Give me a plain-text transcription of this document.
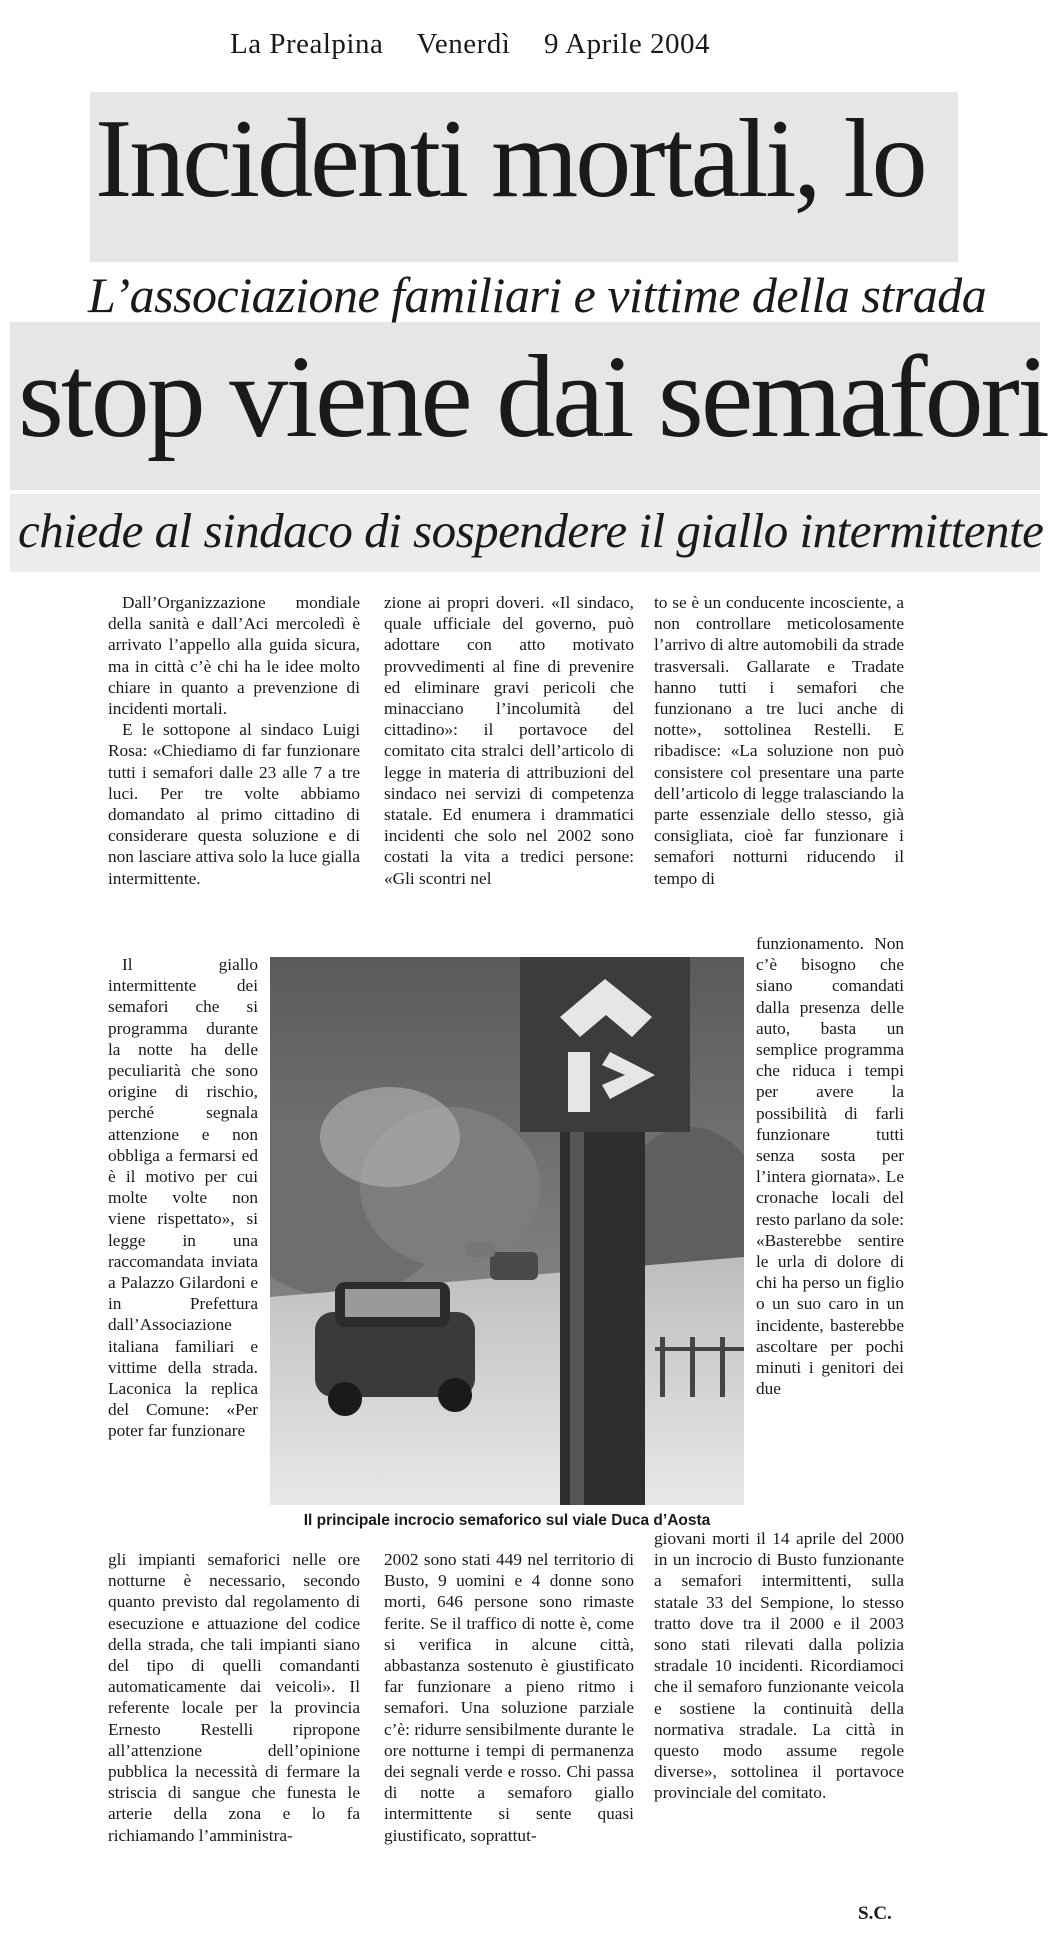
La Prealpina Venerdì 9 Aprile 2004
Incidenti mortali, lo
L’associazione familiari e vittime della strada
stop viene dai semafori
chiede al sindaco di sospendere il giallo intermittente

Dall’Organizzazione mondiale della sanità e dall’Aci mercoledì è arrivato l’appello alla guida sicura, ma in città c’è chi ha le idee molto chiare in quanto a prevenzione di incidenti mortali.

E le sottopone al sindaco Luigi Rosa: «Chiediamo di far funzionare tutti i semafori dalle 23 alle 7 a tre luci. Per tre volte abbiamo domandato al primo cittadino di considerare questa soluzione e di non lasciare attiva solo la luce gialla intermittente.

Il giallo intermittente dei semafori che si programma durante la notte ha delle peculiarità che sono origine di rischio, perché segnala attenzione e non obbliga a fermarsi ed è il motivo per cui molte volte non viene rispettato», si legge in una raccomandata inviata a Palazzo Gilardoni e in Prefettura dall’Associazione italiana familiari e vittime della strada. Laconica la replica del Comune: «Per poter far funzionare

gli impianti semaforici nelle ore notturne è necessario, secondo quanto previsto dal regolamento di esecuzione e attuazione del codice della strada, che tali impianti siano del tipo di quelli comandanti automaticamente dai veicoli». Il referente locale per la provincia Ernesto Restelli ripropone all’attenzione dell’opinione pubblica la necessità di fermare la striscia di sangue che funesta le arterie della zona e lo fa richiamando l’amministra-

zione ai propri doveri. «Il sindaco, quale ufficiale del governo, può adottare con atto motivato provvedimenti al fine di prevenire ed eliminare gravi pericoli che minacciano l’incolumità del cittadino»: il portavoce del comitato cita stralci dell’articolo di legge in materia di attribuzioni del sindaco nei servizi di competenza statale. Ed enumera i drammatici incidenti che solo nel 2002 sono costati la vita a tredici persone: «Gli scontri nel

2002 sono stati 449 nel territorio di Busto, 9 uomini e 4 donne sono morti, 646 persone sono rimaste ferite. Se il traffico di notte è, come si verifica in alcune città, abbastanza sostenuto è giustificato far funzionare a pieno ritmo i semafori. Una soluzione parziale c’è: ridurre sensibilmente durante le ore notturne i tempi di permanenza dei segnali verde e rosso. Chi passa di notte a semaforo giallo intermittente si sente quasi giustificato, soprattut-

to se è un conducente incosciente, a non controllare meticolosamente l’arrivo di altre automobili da strade trasversali. Gallarate e Tradate hanno tutti i semafori che funzionano a tre luci anche di notte», sottolinea Restelli. E ribadisce: «La soluzione non può consistere col presentare una parte dell’articolo di legge tralasciando la parte essenziale dello stesso, già consigliata, cioè far funzionare i semafori notturni riducendo il tempo di

funzionamento. Non c’è bisogno che siano comandati dalla presenza delle auto, basta un semplice programma che riduca i tempi per avere la possibilità di farli funzionare tutti senza sosta per l’intera giornata». Le cronache locali del resto parlano da sole: «Basterebbe sentire le urla di dolore di chi ha perso un figlio o un suo caro in un incidente, basterebbe ascoltare per pochi minuti i genitori dei due

giovani morti il 14 aprile del 2000 in un incrocio di Busto funzionante a semafori intermittenti, sulla statale 33 del Sempione, lo stesso tratto dove tra il 2000 e il 2003 sono stati rilevati dalla polizia stradale 10 incidenti. Ricordiamoci che il semaforo funzionante veicola e sostiene la continuità della normativa stradale. La città in questo modo assume regole diverse», sottolinea il portavoce provinciale del comitato.

Il principale incrocio semaforico sul viale Duca d’Aosta
S.C.
